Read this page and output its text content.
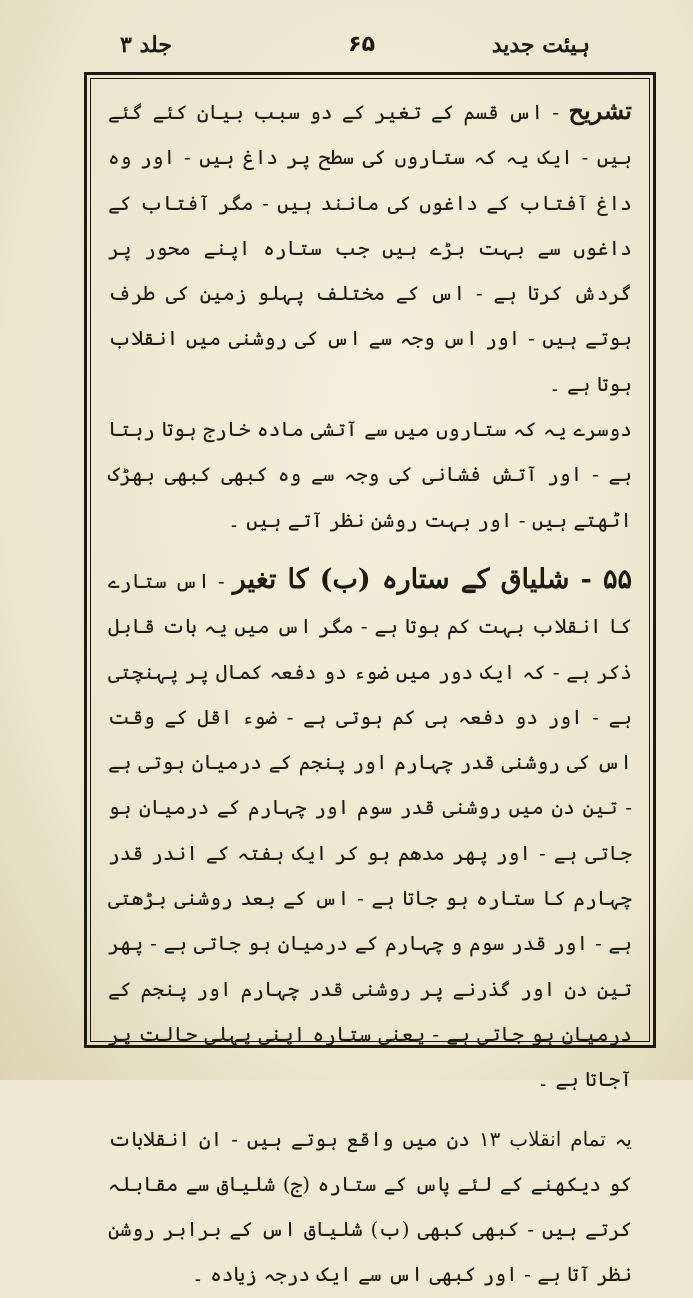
ہیئت جدید
۶۵
جلد ۳

تشریح - اس قسم کے تغیر کے دو سبب بیان کئے گئے ہیں - ایک یہ کہ ستاروں کی سطح پر داغ ہیں - اور وہ داغ آفتاب کے داغوں کی مانند ہیں - مگر آفتاب کے داغوں سے بہت بڑے ہیں جب ستارہ اپنے محور پر گردش کرتا ہے - اس کے مختلف پہلو زمین کی طرف ہوتے ہیں - اور اس وجہ سے اس کی روشنی میں انقلاب ہوتا ہے ۔

دوسرے یہ کہ ستاروں میں سے آتشی مادہ خارج ہوتا رہتا ہے - اور آتش فشانی کی وجہ سے وہ کبھی کبھی بھڑک اٹھتے ہیں - اور بہت روشن نظر آتے ہیں ۔

۵۵ - شلیاق کے ستارہ (ب) کا تغیر - اس ستارے کا انقلاب بہت کم ہوتا ہے - مگر اس میں یہ بات قابل ذکر ہے - کہ ایک دور میں ضوء دو دفعہ کمال پر پہنچتی ہے - اور دو دفعہ ہی کم ہوتی ہے - ضوء اقل کے وقت اس کی روشنی قدر چہارم اور پنجم کے درمیان ہوتی ہے - تین دن میں روشنی قدر سوم اور چہارم کے درمیان ہو جاتی ہے - اور پھر مدھم ہو کر ایک ہفتہ کے اندر قدر چہارم کا ستارہ ہو جاتا ہے - اس کے بعد روشنی بڑھتی ہے - اور قدر سوم و چہارم کے درمیان ہو جاتی ہے - پھر تین دن اور گذرنے پر روشنی قدر چہارم اور پنجم کے درمیان ہو جاتی ہے - یعنی ستارہ اپنی پہلی حالت پر آجاتا ہے ۔

یہ تمام انقلاب ۱۳ دن میں واقع ہوتے ہیں - ان انقلابات کو دیکھنے کے لئے پاس کے ستارہ (ج) شلیاق سے مقابلہ کرتے ہیں - کبھی کبھی (ب) شلیاق اس کے برابر روشن نظر آتا ہے - اور کبھی اس سے ایک درجہ زیادہ ۔
